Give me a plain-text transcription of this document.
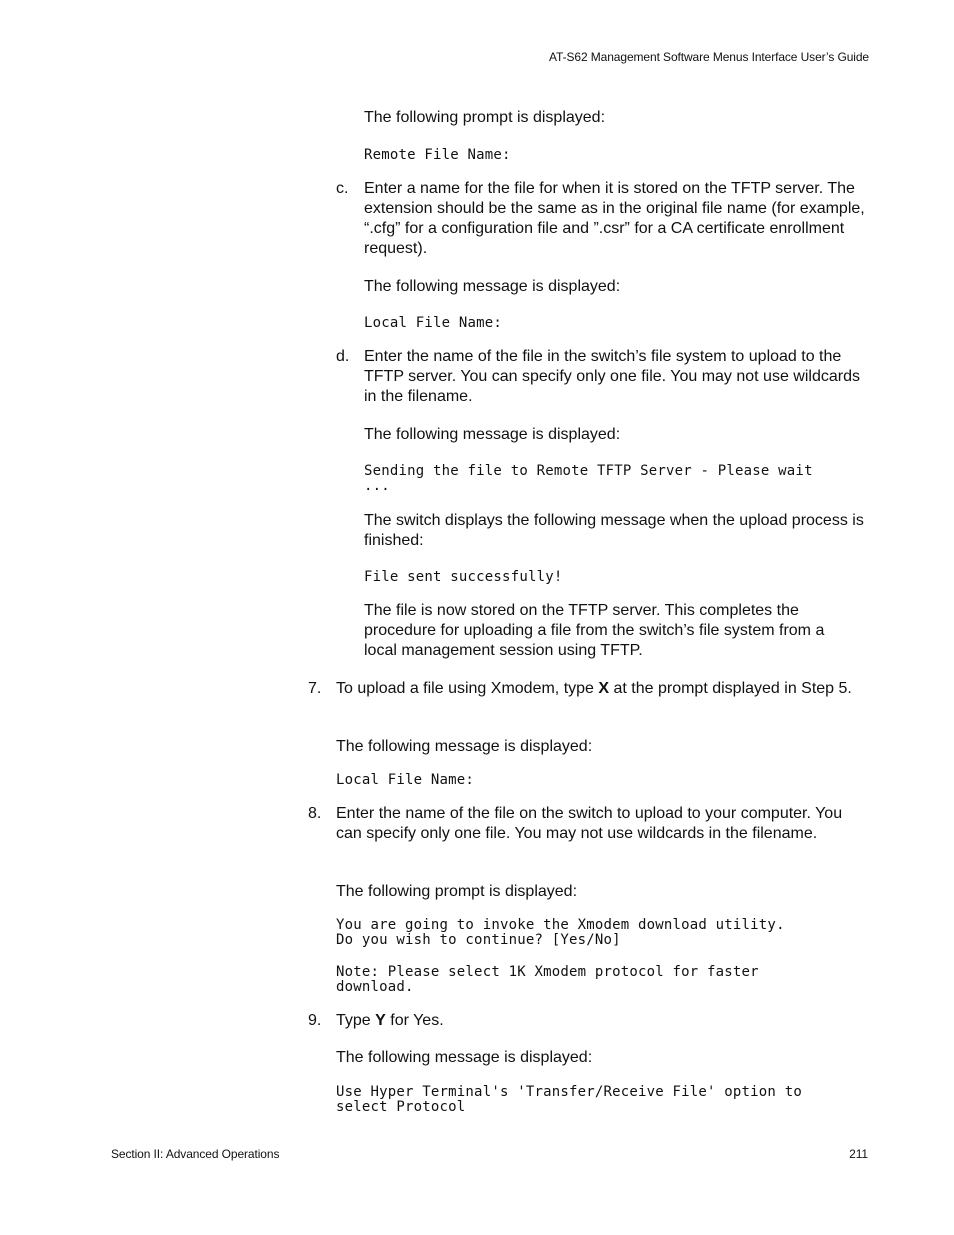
AT-S62 Management Software Menus Interface User’s Guide
The following prompt is displayed:
Remote File Name:
c. Enter a name for the file for when it is stored on the TFTP server. The extension should be the same as in the original file name (for example, “.cfg” for a configuration file and ”.csr” for a CA certificate enrollment request).
The following message is displayed:
Local File Name:
d. Enter the name of the file in the switch’s file system to upload to the TFTP server. You can specify only one file. You may not use wildcards in the filename.
The following message is displayed:
Sending the file to Remote TFTP Server - Please wait
...
The switch displays the following message when the upload process is finished:
File sent successfully!
The file is now stored on the TFTP server. This completes the procedure for uploading a file from the switch’s file system from a local management session using TFTP.
7. To upload a file using Xmodem, type X at the prompt displayed in Step 5.
The following message is displayed:
Local File Name:
8. Enter the name of the file on the switch to upload to your computer. You can specify only one file. You may not use wildcards in the filename.
The following prompt is displayed:
You are going to invoke the Xmodem download utility.
Do you wish to continue? [Yes/No]
Note: Please select 1K Xmodem protocol for faster
download.
9. Type Y for Yes.
The following message is displayed:
Use Hyper Terminal's 'Transfer/Receive File' option to
select Protocol
Section II: Advanced Operations	211
